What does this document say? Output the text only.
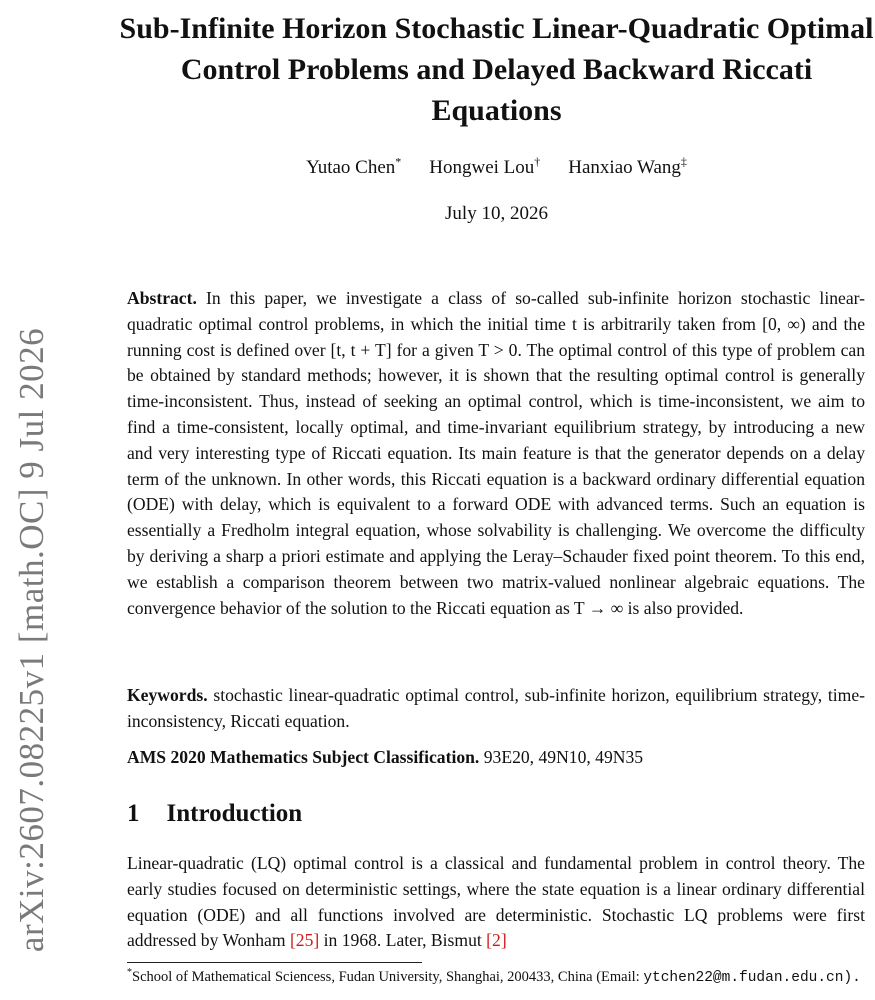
arXiv:2607.08225v1 [math.OC] 9 Jul 2026
Sub-Infinite Horizon Stochastic Linear-Quadratic Optimal Control Problems and Delayed Backward Riccati Equations
Yutao Chen* Hongwei Lou† Hanxiao Wang‡
July 10, 2026
Abstract. In this paper, we investigate a class of so-called sub-infinite horizon stochastic linear-quadratic optimal control problems, in which the initial time t is arbitrarily taken from [0, ∞) and the running cost is defined over [t, t + T] for a given T > 0. The optimal control of this type of problem can be obtained by standard methods; however, it is shown that the resulting optimal control is generally time-inconsistent. Thus, instead of seeking an optimal control, which is time-inconsistent, we aim to find a time-consistent, locally optimal, and time-invariant equilibrium strategy, by introducing a new and very interesting type of Riccati equation. Its main feature is that the generator depends on a delay term of the unknown. In other words, this Riccati equation is a backward ordinary differential equation (ODE) with delay, which is equivalent to a forward ODE with advanced terms. Such an equation is essentially a Fredholm integral equation, whose solvability is challenging. We overcome the difficulty by deriving a sharp a priori estimate and applying the Leray–Schauder fixed point theorem. To this end, we establish a comparison theorem between two matrix-valued nonlinear algebraic equations. The convergence behavior of the solution to the Riccati equation as T → ∞ is also provided.
Keywords. stochastic linear-quadratic optimal control, sub-infinite horizon, equilibrium strategy, time-inconsistency, Riccati equation.
AMS 2020 Mathematics Subject Classification. 93E20, 49N10, 49N35
1 Introduction
Linear-quadratic (LQ) optimal control is a classical and fundamental problem in control theory. The early studies focused on deterministic settings, where the state equation is a linear ordinary differential equation (ODE) and all functions involved are deterministic. Stochastic LQ problems were first addressed by Wonham [25] in 1968. Later, Bismut [2]
*School of Mathematical Sciencess, Fudan University, Shanghai, 200433, China (Email: ytchen22@m.fudan.edu.cn).
